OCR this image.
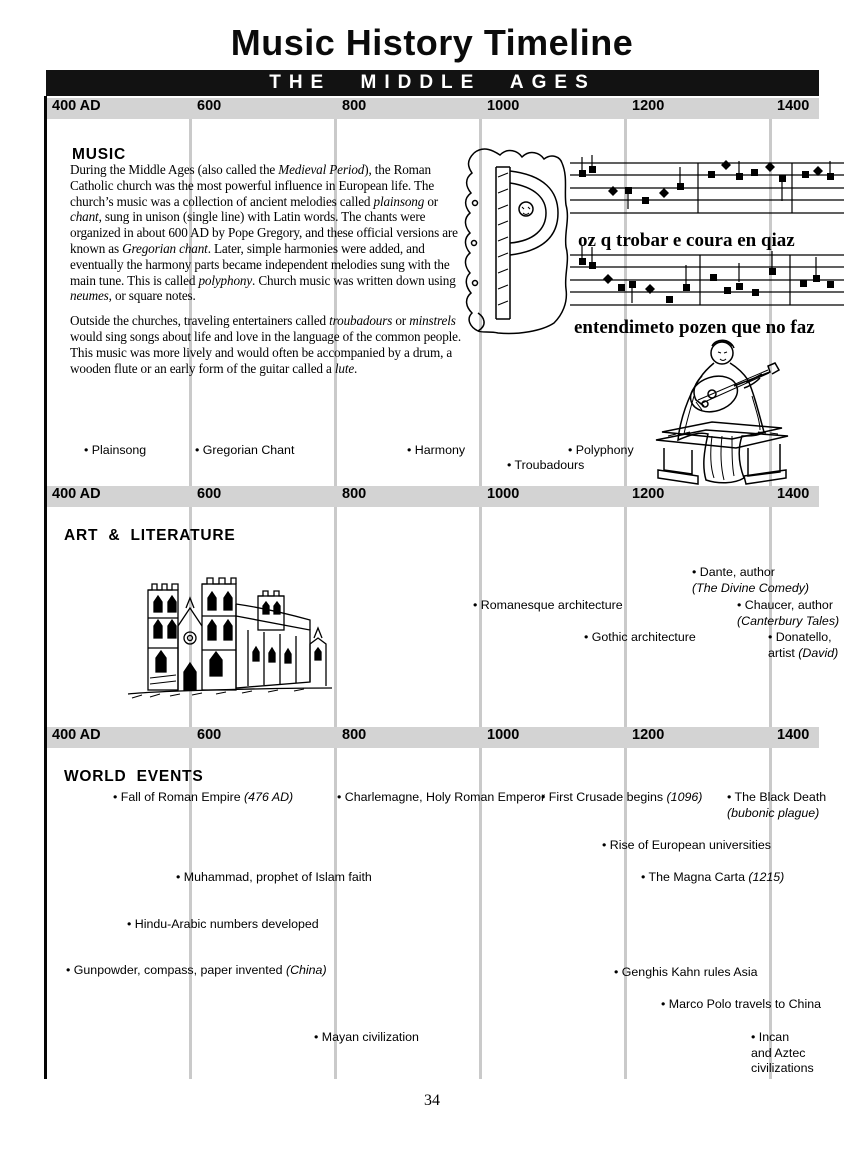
Music History Timeline
THE MIDDLE AGES
400 AD	600	800	1000	1200	1400
400 AD	600	800	1000	1200	1400
400 AD	600	800	1000	1200	1400
MUSIC

During the Middle Ages (also called the Medieval Period), the Roman Catholic church was the most powerful influence in European life. The church’s music was a collection of ancient melodies called plainsong or chant, sung in unison (single line) with Latin words. The chants were organized in about 600 AD by Pope Gregory, and these official versions are known as Gregorian chant. Later, simple harmonies were added, and eventually the harmony parts became independent melodies sung with the main tune. This is called polyphony. Church music was written down using neumes, or square notes.

Outside the churches, traveling entertainers called troubadours or minstrels would sing songs about life and love in the language of the common people. This music was more lively and would often be accompanied by a drum, a wooden flute or an early form of the guitar called a lute.

• Plainsong	• Gregorian Chant	• Harmony	• Polyphony
• Troubadours
oz q trobar e coura en qiaz
entendimeto pozen que no faz
ART & LITERATURE
• Dante, author
(The Divine Comedy)
• Romanesque architecture	• Chaucer, author
(Canterbury Tales)
• Gothic architecture	• Donatello,
artist (David)
WORLD EVENTS
• Fall of Roman Empire (476 AD)	• Charlemagne, Holy Roman Emperor
• First Crusade begins (1096) • The Black Death
(bubonic plague)
• Rise of European universities
• Muhammad, prophet of Islam faith	• The Magna Carta (1215)
• Hindu-Arabic numbers developed
• Gunpowder, compass, paper invented (China)	• Genghis Kahn rules Asia
• Marco Polo travels to China
• Mayan civilization	• Incan
and Aztec
civilizations
34
